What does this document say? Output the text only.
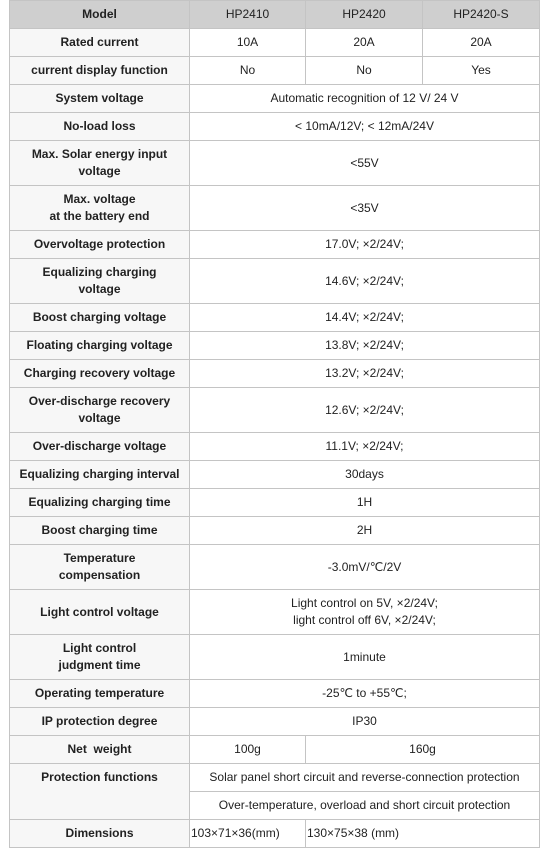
Model	HP2410	HP2420	HP2420-S
Rated current	10A	20A	20A
current display function	No	No	Yes
System voltage	Automatic recognition of 12 V/ 24 V		
No-load loss	< 10mA/12V; < 12mA/24V		
Max. Solar energy input
voltage	<55V		
Max. voltage
at the battery end	<35V		
Overvoltage protection	17.0V; ×2/24V;		
Equalizing charging
voltage	14.6V; ×2/24V;		
Boost charging voltage	14.4V; ×2/24V;		
Floating charging voltage	13.8V; ×2/24V;		
Charging recovery voltage	13.2V; ×2/24V;		
Over-discharge recovery
voltage	12.6V; ×2/24V;		
Over-discharge voltage	11.1V; ×2/24V;		
Equalizing charging interval	30days		
Equalizing charging time	1H		
Boost charging time	2H		
Temperature
compensation	-3.0mV/℃/2V		
Light control voltage	Light control on 5V, ×2/24V;
light control off 6V, ×2/24V;		
Light control
judgment time	1minute		
Operating temperature	-25℃ to +55℃;		
IP protection degree	IP30		
Net  weight	100g	160g	
Protection functions	Solar panel short circuit and reverse-connection protection		
	Over-temperature, overload and short circuit protection		
Dimensions	103×71×36(mm)	130×75×38 (mm)	
